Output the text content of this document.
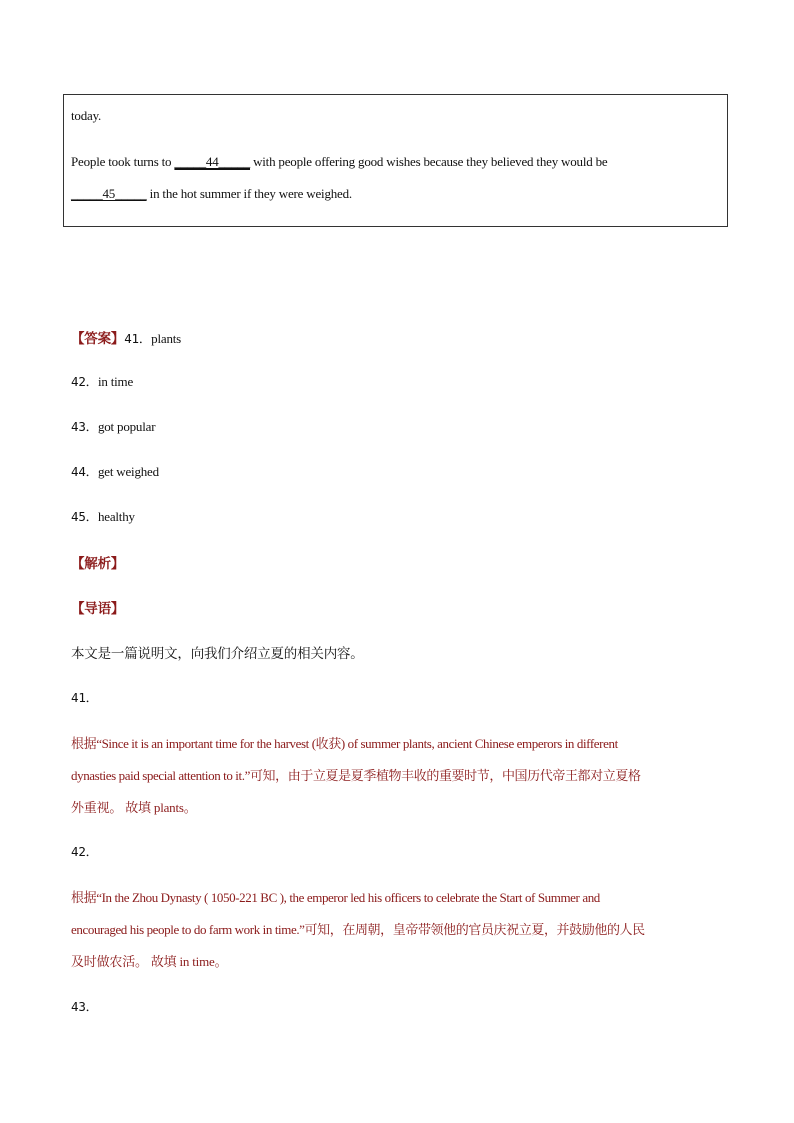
today.
People took turns to _____44_____ with people offering good wishes because they believed they would be
_____45_____ in the hot summer if they were weighed.
【答案】41．plants
42．in time
43．got popular
44．get weighed
45．healthy
【解析】
【导语】
本文是一篇说明文，向我们介绍立夏的相关内容。
41．
根据“Since it is an important time for the harvest (收获) of summer plants, ancient Chinese emperors in different
dynasties paid special attention to it.”可知，由于立夏是夏季植物丰收的重要时节，中国历代帝王都对立夏格
外重视。 故填 plants。
42．
根据“In the Zhou Dynasty ( 1050-221 BC ), the emperor led his officers to celebrate the Start of Summer and
encouraged his people to do farm work in time.”可知，在周朝，皇帝带领他的官员庆祝立夏，并鼓励他的人民
及时做农活。 故填 in time。
43．
